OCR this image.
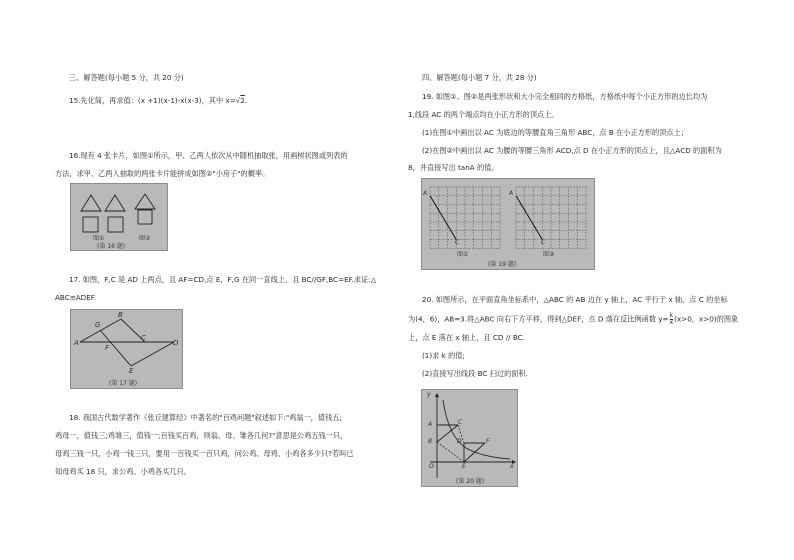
三、解答题(每小题 5 分，共 20 分)
15.先化简，再求值：(x +1)(x-1)-x(x-3)，其中 x=√2.
16.现有 4 张卡片，如图①所示，甲、乙两人依次从中随机抽取张，用画树状图或列表的
方法，求甲、乙两人抽取的两张卡片能拼成如图②"小房子"的概率。
图①	图②
(第 16 题)
17. 如图，F,C 是 AD 上两点，且 AF=CD,点 E，F,G 在同一直线上，且 BC//GF,BC=EF.求证:△
ABC≌ADEF.
G
B
A
F
C
D
E
(第 17 题)
18. 我国古代数学著作《张丘建算经》中著名的"百鸡问题"叙述如下:"鸡翁一，值钱五;
鸡母一，值钱三;鸡雏三，值钱一;百钱买百鸡，则翁、母、雏各几何?"意思是公鸡五钱一只，
母鸡三钱一只，小鸡一钱三只，要用一百钱买一百只鸡，问公鸡、母鸡、小鸡各多少只?若叫已
知母鸡买 18 只，求公鸡、小鸡各买几只。
四、解答题(每小题 7 分，共 28 分)
19. 如图①、图②是两张形状和大小完全相同的方格纸，方格纸中每个小正方形的边长均为
1,线段 AC 的两个端点均在小正方形的顶点上。
(1)在图①中画出以 AC 为底边的等腰直角三角形 ABC，点 B 在小正方形的顶点上；
(2)在图②中画出以 AC 为腰的等腰三角形 ACD,点 D 在小正方形的顶点上，且△ACD 的面积为
8，并直接写出 tanA 的值。
A
C
A
C
图①	图②
(第 19 题)
20. 如图所示，在平面直角坐标系中，△ABC 的 AB 边在 y 轴上，AC 平行于 x 轴，点 C 的坐标
为(4，6)，AB=3.将△ABC 向右下方平移，得到△DEF，点 D 落在反比例函数 $y= \frac{k}{x} (x>0$，x>0)的图象
上，点 E 落在 x 轴上，且 CD // BC.
(1)求 k 的值;
(2)直接写出线段 BC 扫过的面积.
y
A	C
B	D	F
O	E	x
(第 20 题)
